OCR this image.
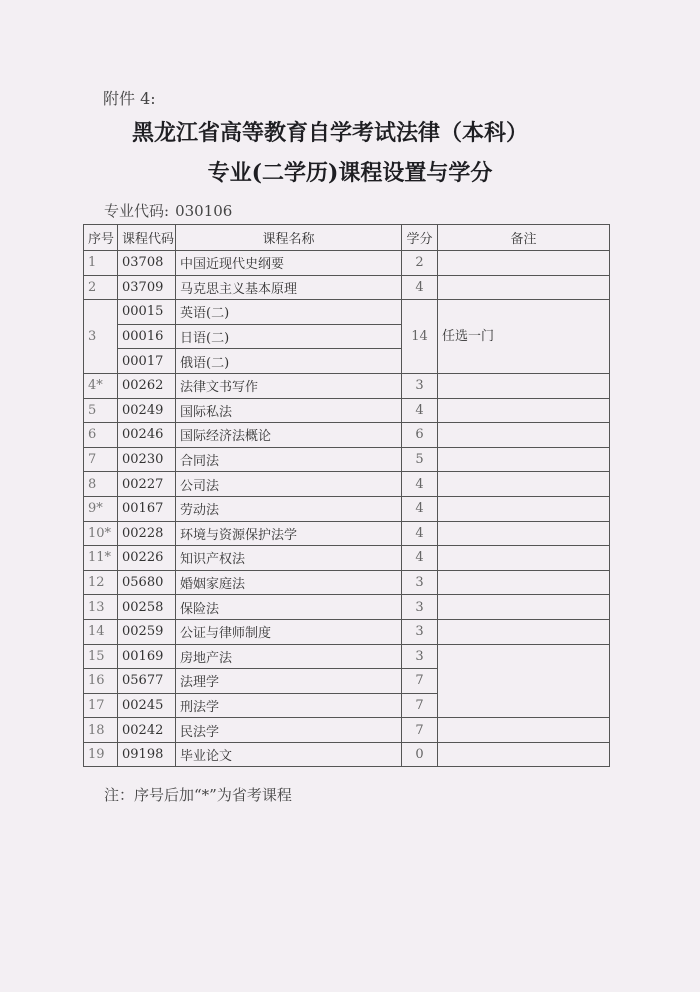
附件 4:
黑龙江省高等教育自学考试法律（本科）
专业(二学历)课程设置与学分
专业代码: 030106
序号	课程代码	课程名称	学分	备注
1	03708	中国近现代史纲要	2	
2	03709	马克思主义基本原理	4	
3	00015	英语(二)	14	任选一门
	00016	日语(二)		
	00017	俄语(二)		
4*	00262	法律文书写作	3	
5	00249	国际私法	4	
6	00246	国际经济法概论	6	
7	00230	合同法	5	
8	00227	公司法	4	
9*	00167	劳动法	4	
10*	00228	环境与资源保护法学	4	
11*	00226	知识产权法	4	
12	05680	婚姻家庭法	3	
13	00258	保险法	3	
14	00259	公证与律师制度	3	
15	00169	房地产法	3	
16	05677	法理学	7	
17	00245	刑法学	7	
18	00242	民法学	7	
19	09198	毕业论文	0	
注：序号后加“*”为省考课程
